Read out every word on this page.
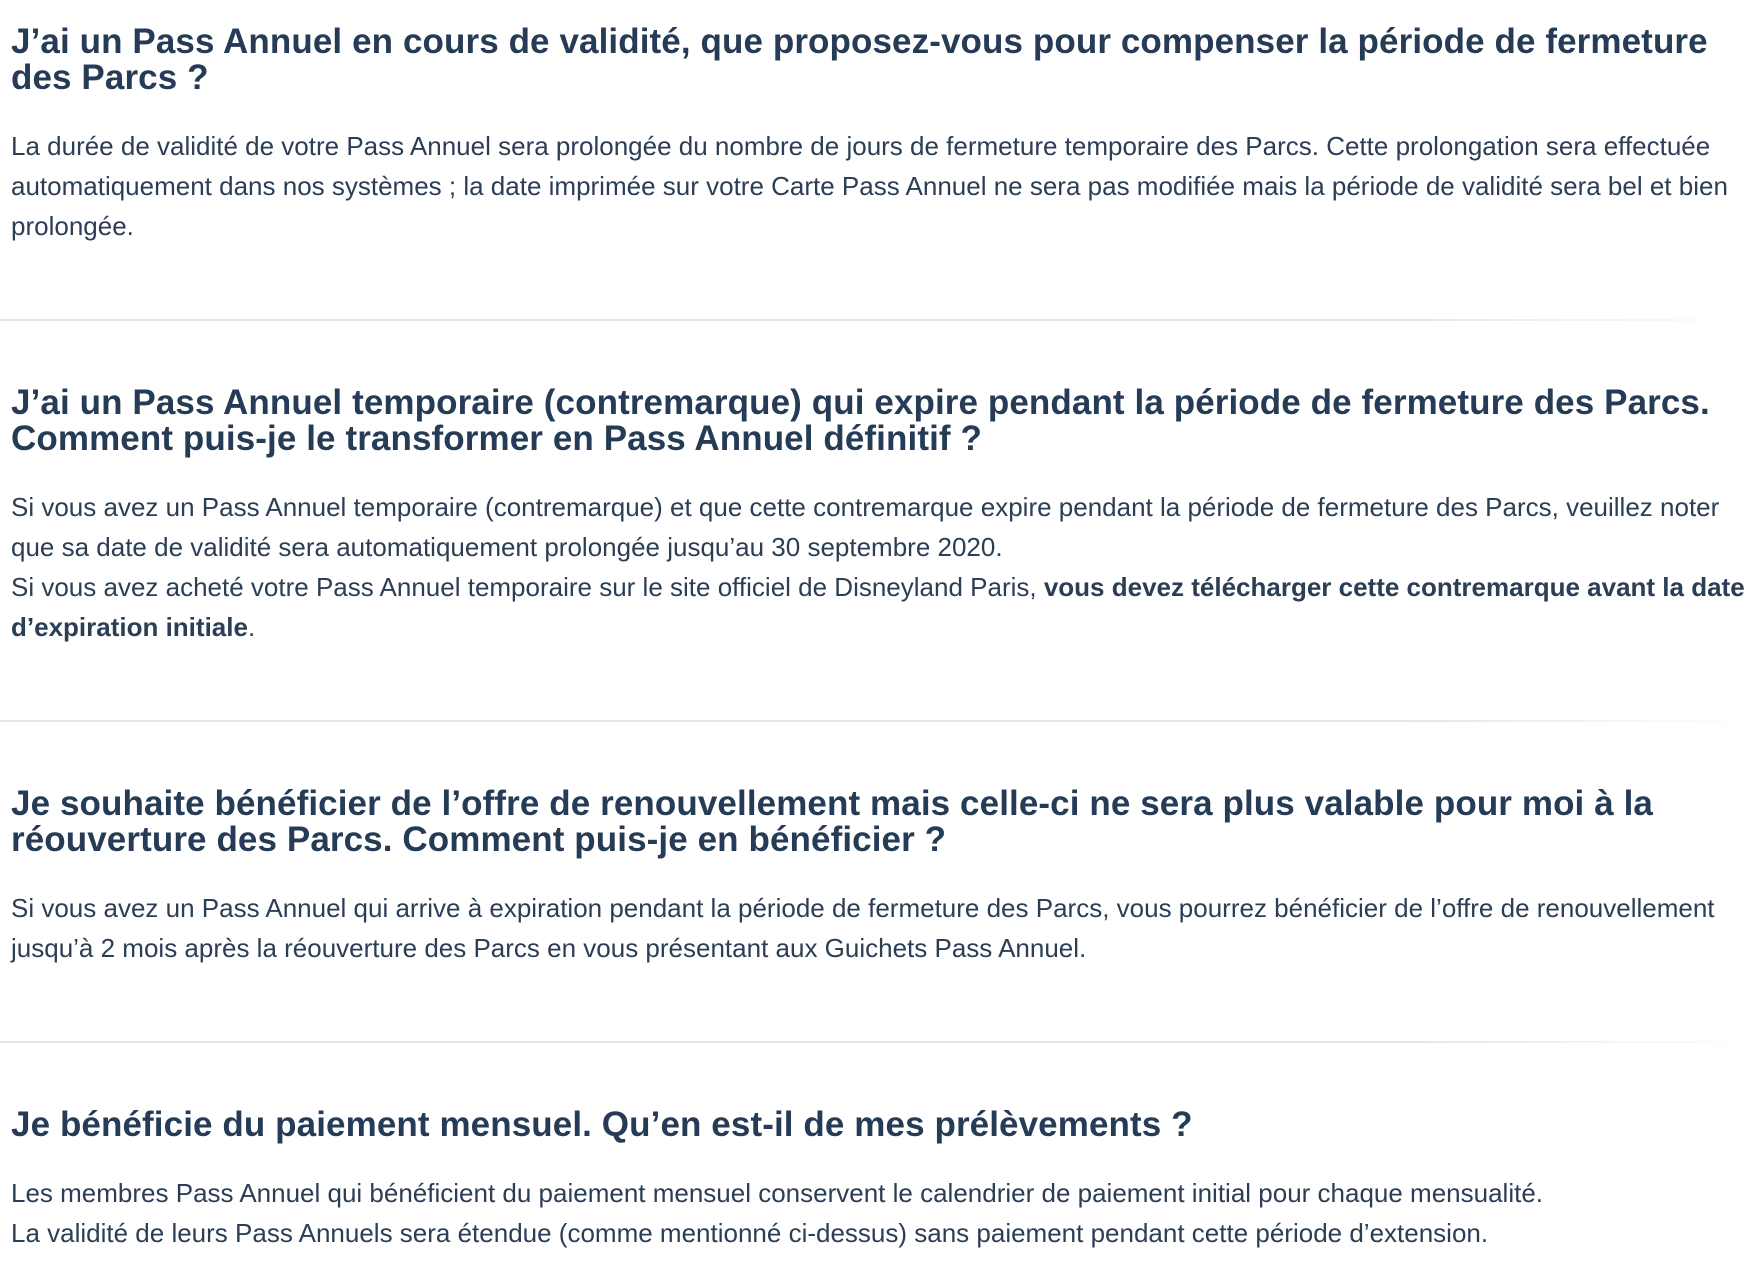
J’ai un Pass Annuel en cours de validité, que proposez-vous pour compenser la période de fermeture des Parcs ?

La durée de validité de votre Pass Annuel sera prolongée du nombre de jours de fermeture temporaire des Parcs. Cette prolongation sera effectuée automatiquement dans nos systèmes ; la date imprimée sur votre Carte Pass Annuel ne sera pas modifiée mais la période de validité sera bel et bien prolongée.

J’ai un Pass Annuel temporaire (contremarque) qui expire pendant la période de fermeture des Parcs. Comment puis-je le transformer en Pass Annuel définitif ?

Si vous avez un Pass Annuel temporaire (contremarque) et que cette contremarque expire pendant la période de fermeture des Parcs, veuillez noter que sa date de validité sera automatiquement prolongée jusqu’au 30 septembre 2020.
Si vous avez acheté votre Pass Annuel temporaire sur le site officiel de Disneyland Paris, vous devez télécharger cette contremarque avant la date d’expiration initiale.

Je souhaite bénéficier de l’offre de renouvellement mais celle-ci ne sera plus valable pour moi à la réouverture des Parcs. Comment puis-je en bénéficier ?

Si vous avez un Pass Annuel qui arrive à expiration pendant la période de fermeture des Parcs, vous pourrez bénéficier de l’offre de renouvellement jusqu’à 2 mois après la réouverture des Parcs en vous présentant aux Guichets Pass Annuel.

Je bénéficie du paiement mensuel. Qu’en est-il de mes prélèvements ?

Les membres Pass Annuel qui bénéficient du paiement mensuel conservent le calendrier de paiement initial pour chaque mensualité.
La validité de leurs Pass Annuels sera étendue (comme mentionné ci-dessus) sans paiement pendant cette période d’extension.
